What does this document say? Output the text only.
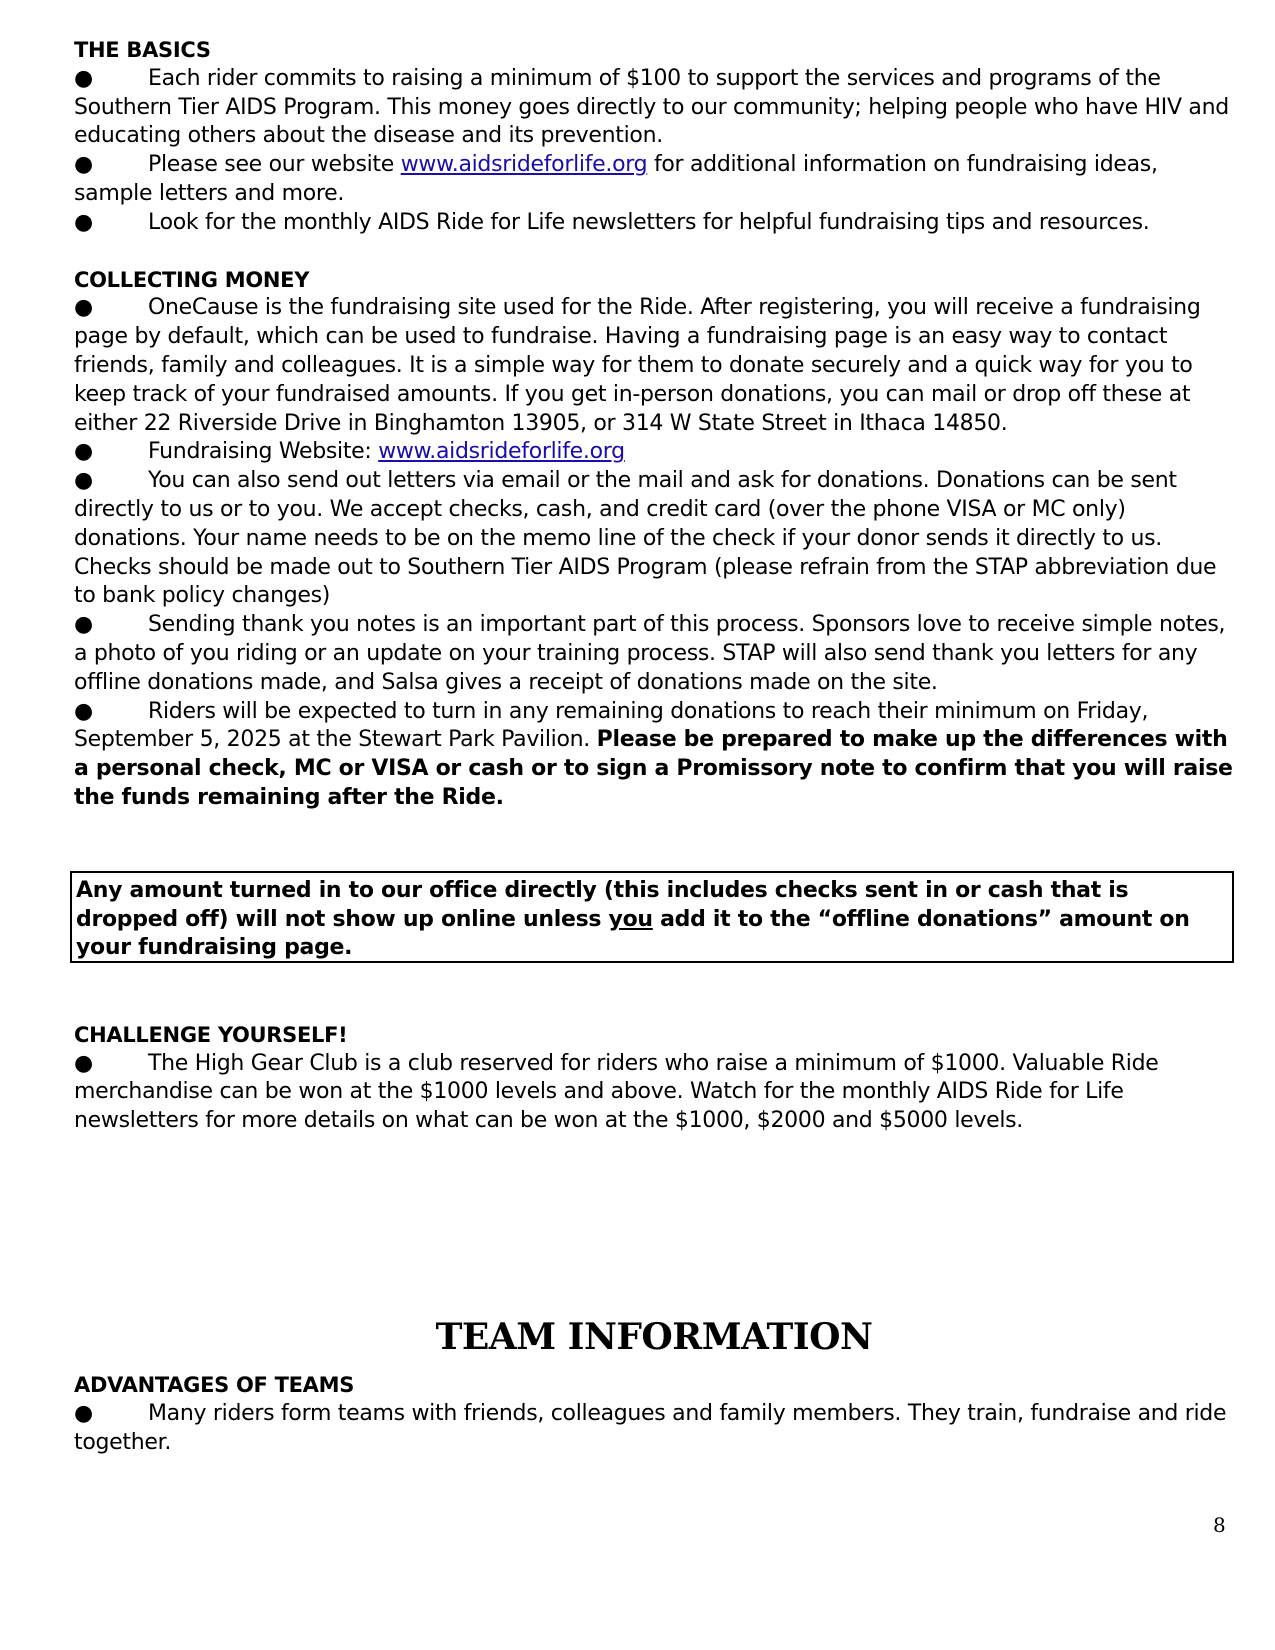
THE BASICS

●	Each rider commits to raising a minimum of $100 to support the services and programs of the Southern Tier AIDS Program. This money goes directly to our community; helping people who have HIV and educating others about the disease and its prevention.

●	Please see our website www.aidsrideforlife.org for additional information on fundraising ideas, sample letters and more.

●	Look for the monthly AIDS Ride for Life newsletters for helpful fundraising tips and resources.

COLLECTING MONEY

●	OneCause is the fundraising site used for the Ride. After registering, you will receive a fundraising page by default, which can be used to fundraise. Having a fundraising page is an easy way to contact friends, family and colleagues. It is a simple way for them to donate securely and a quick way for you to keep track of your fundraised amounts. If you get in-person donations, you can mail or drop off these at either 22 Riverside Drive in Binghamton 13905, or 314 W State Street in Ithaca 14850.

●	Fundraising Website: www.aidsrideforlife.org

●	You can also send out letters via email or the mail and ask for donations. Donations can be sent directly to us or to you. We accept checks, cash, and credit card (over the phone VISA or MC only) donations. Your name needs to be on the memo line of the check if your donor sends it directly to us. Checks should be made out to Southern Tier AIDS Program (please refrain from the STAP abbreviation due to bank policy changes)

●	Sending thank you notes is an important part of this process. Sponsors love to receive simple notes, a photo of you riding or an update on your training process. STAP will also send thank you letters for any offline donations made, and Salsa gives a receipt of donations made on the site.

●	Riders will be expected to turn in any remaining donations to reach their minimum on Friday, September 5, 2025 at the Stewart Park Pavilion. Please be prepared to make up the differences with a personal check, MC or VISA or cash or to sign a Promissory note to confirm that you will raise the funds remaining after the Ride.

Any amount turned in to our office directly (this includes checks sent in or cash that is dropped off) will not show up online unless you add it to the “offline donations” amount on your fundraising page.
CHALLENGE YOURSELF!

●	The High Gear Club is a club reserved for riders who raise a minimum of $1000. Valuable Ride merchandise can be won at the $1000 levels and above. Watch for the monthly AIDS Ride for Life newsletters for more details on what can be won at the $1000, $2000 and $5000 levels.

TEAM INFORMATION
ADVANTAGES OF TEAMS

●	Many riders form teams with friends, colleagues and family members. They train, fundraise and ride together.

8
